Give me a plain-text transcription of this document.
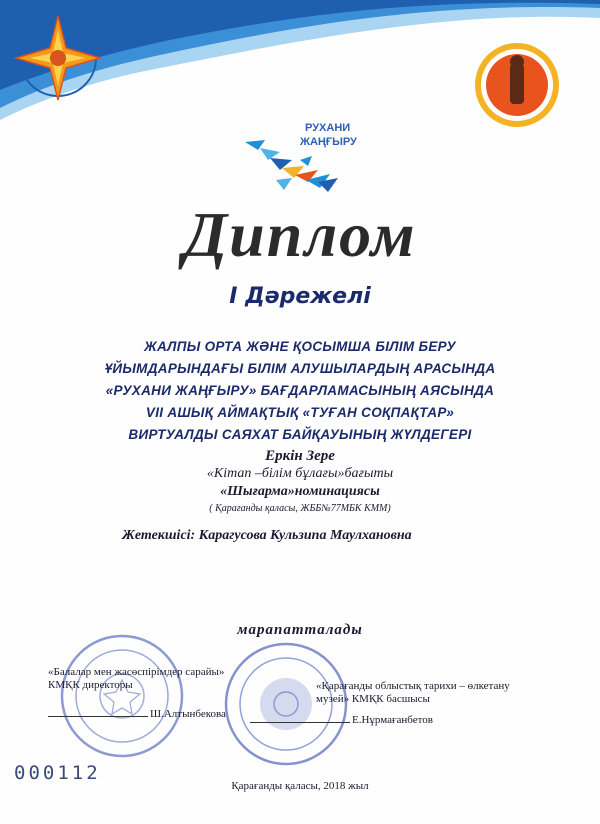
РУХАНИ
ЖАҢҒЫРУ
Диплом
І Дәрежелі
ЖАЛПЫ ОРТА ЖӘНЕ ҚОСЫМША БІЛІМ БЕРУ
ҰЙЫМДАРЫНДАҒЫ БІЛІМ АЛУШЫЛАРДЫҢ АРАСЫНДА
«РУХАНИ ЖАҢҒЫРУ» БАҒДАРЛАМАСЫНЫҢ АЯСЫНДА
VII АШЫҚ АЙМАҚТЫҚ «ТУҒАН СОҚПАҚТАР»
ВИРТУАЛДЫ САЯХАТ БАЙҚАУЫНЫҢ ЖҮЛДЕГЕРІ
Еркін Зере
«Кітап –білім бұлағы»бағыты
«Шығарма»номинациясы
( Қарағанды қаласы, ЖББ№77МБК КММ)
Жетекшісі: Карагусова Кульзипа Маулхановна
марапатталады
«Балалар мен жасөспірімдер сарайы»
КМҚК директоры
Ш.Алтынбекова
«Қарағанды облыстық тарихи – өлкетану
музей» КМҚК басшысы
Е.Нұрмағанбетов
000112
Қарағанды қаласы, 2018 жыл
